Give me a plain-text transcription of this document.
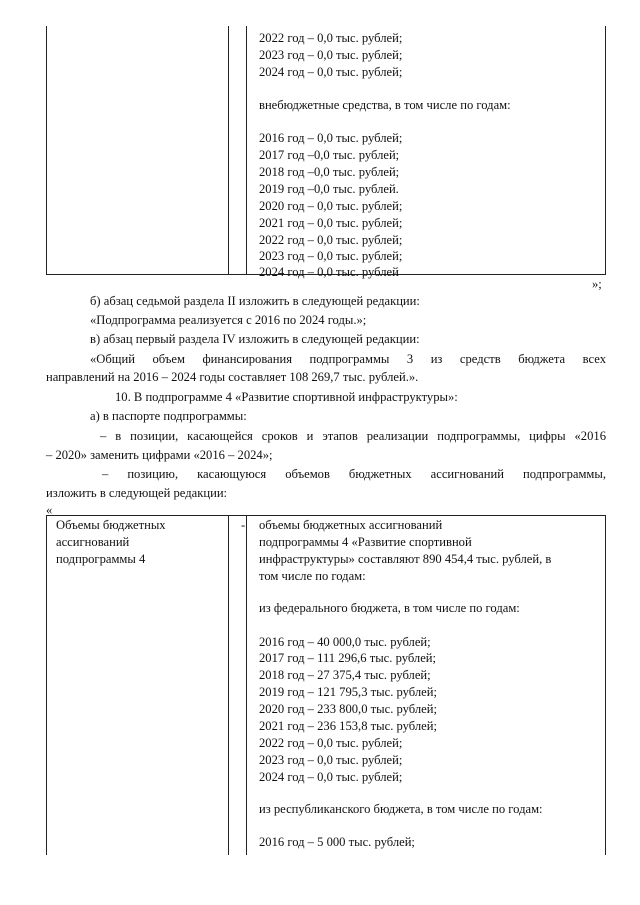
2022 год – 0,0 тыс. рублей;
2023 год – 0,0 тыс. рублей;
2024 год – 0,0 тыс. рублей;
внебюджетные средства, в том числе по годам:
2016 год – 0,0 тыс. рублей;
2017 год –0,0 тыс. рублей;
2018 год –0,0 тыс. рублей;
2019 год –0,0 тыс. рублей.
2020 год – 0,0 тыс. рублей;
2021 год – 0,0 тыс. рублей;
2022 год – 0,0 тыс. рублей;
2023 год – 0,0 тыс. рублей;
2024 год – 0,0 тыс. рублей
»;
б) абзац седьмой раздела II изложить в следующей редакции:
«Подпрограмма реализуется с 2016 по 2024 годы.»;
в) абзац первый раздела IV изложить в следующей редакции:
«Общий объем финансирования подпрограммы 3 из средств бюджета всех
направлений на 2016 – 2024 годы составляет 108 269,7 тыс. рублей.».
10. В подпрограмме 4 «Развитие спортивной инфраструктуры»:
а) в паспорте подпрограммы:
– в позиции, касающейся сроков и этапов реализации подпрограммы, цифры «2016
– 2020» заменить цифрами «2016 – 2024»;
– позицию, касающуюся объемов бюджетных ассигнований подпрограммы,
изложить в следующей редакции:
«
Объемы бюджетных
ассигнований
подпрограммы 4
- объемы бюджетных ассигнований
подпрограммы 4 «Развитие спортивной
инфраструктуры» составляют 890 454,4 тыс. рублей, в
том числе по годам:
из федерального бюджета, в том числе по годам:
2016 год – 40 000,0 тыс. рублей;
2017 год – 111 296,6 тыс. рублей;
2018 год – 27 375,4 тыс. рублей;
2019 год – 121 795,3 тыс. рублей;
2020 год – 233 800,0 тыс. рублей;
2021 год – 236 153,8 тыс. рублей;
2022 год – 0,0 тыс. рублей;
2023 год – 0,0 тыс. рублей;
2024 год – 0,0 тыс. рублей;
из республиканского бюджета, в том числе по годам:
2016 год – 5 000 тыс. рублей;
